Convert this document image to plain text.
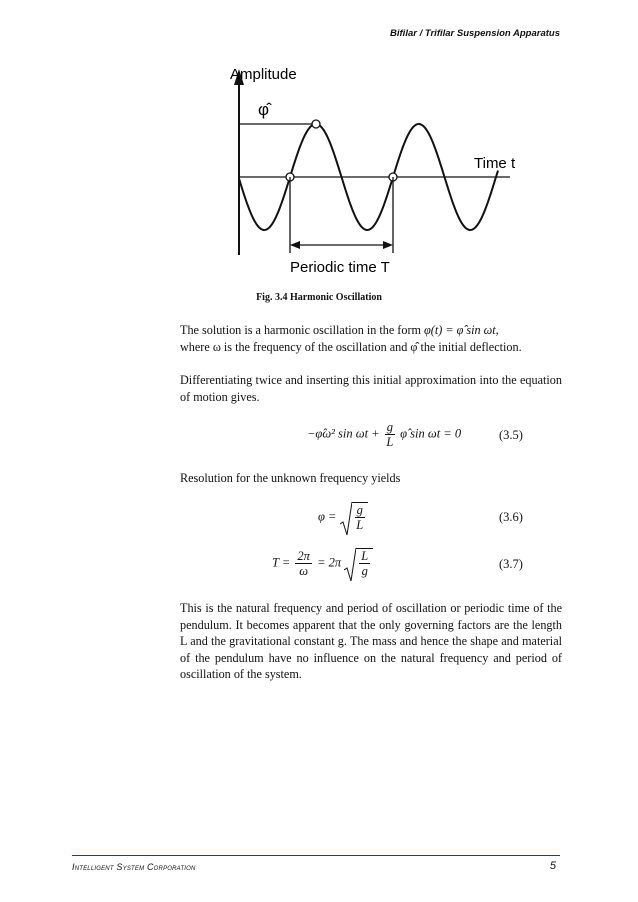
Bifilar / Trifilar Suspension Apparatus
Amplitude
φ̂
Time t
Periodic time T
Fig. 3.4 Harmonic Oscillation
The solution is a harmonic oscillation in the form φ(t) = φ̂ sin ωt,
where ω is the frequency of the oscillation and φ̂ the initial deflection.
Differentiating twice and inserting this initial approximation into the equation of motion gives.
−φ̂ω² $\sin \omega t + \frac{g}{L}$ φ̂ sin ωt = 0	(3.5)
Resolution for the unknown frequency yields
$\varphi = \frac{g}{L}$	(3.6)
$T = \frac{2\pi}{\omega} = 2\pi \frac{L}{g}$	(3.7)
This is the natural frequency and period of oscillation or periodic time of the pendulum. It becomes apparent that the only governing factors are the length L and the gravitational constant g. The mass and hence the shape and material of the pendulum have no influence on the natural frequency and period of oscillation of the system.
Intelligent System Corporation	5
